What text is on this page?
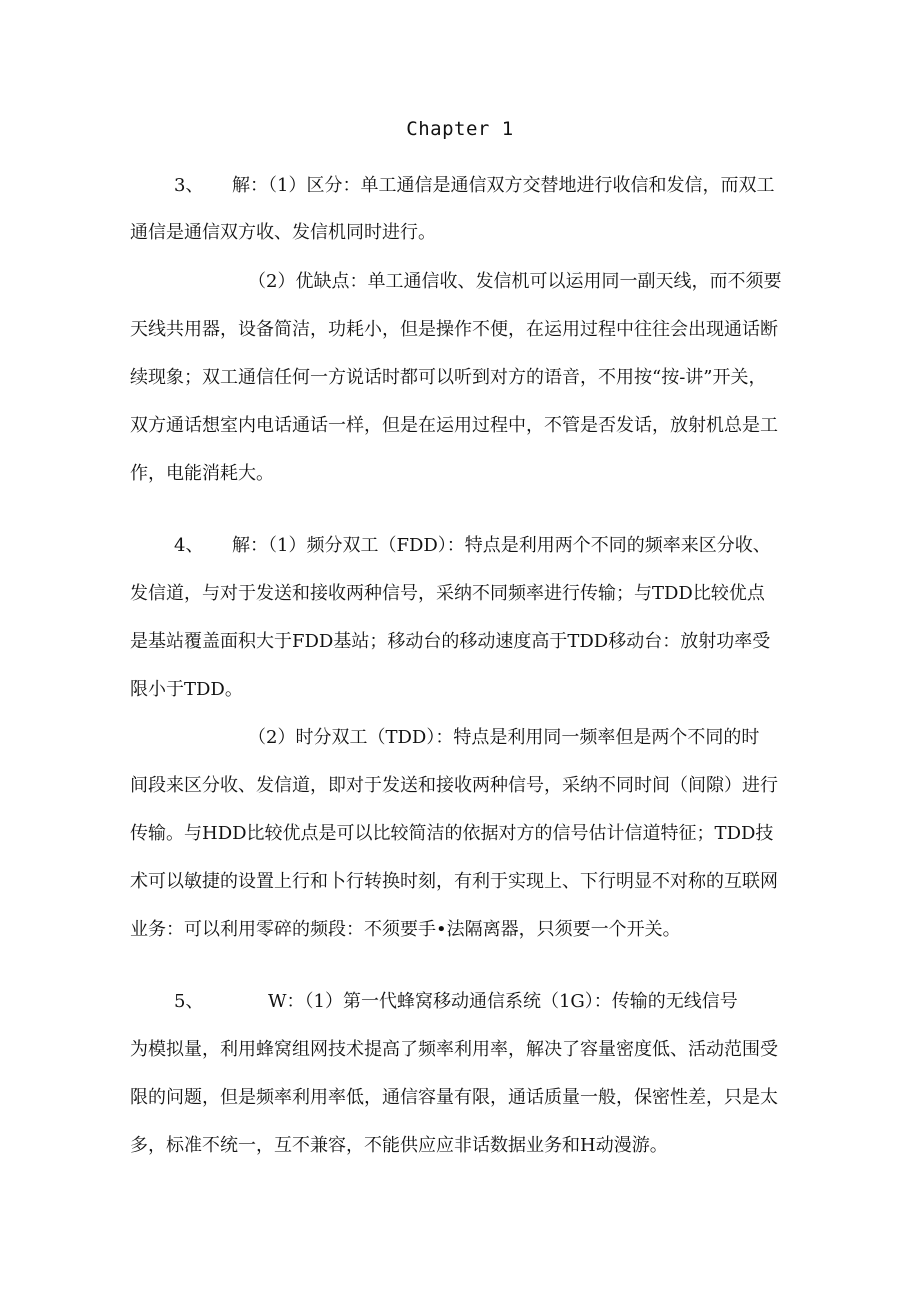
Chapter 1
3、 解：（1）区分：单工通信是通信双方交替地进行收信和发信，而双工
通信是通信双方收、发信机同时进行。
（2）优缺点：单工通信收、发信机可以运用同一副天线，而不须要
天线共用器，设备简洁，功耗小，但是操作不便，在运用过程中往往会出现通话断
续现象；双工通信任何一方说话时都可以听到对方的语音，不用按“按-讲”开关，
双方通话想室内电话通话一样，但是在运用过程中，不管是否发话，放射机总是工
作，电能消耗大。
4、 解：（1）频分双工（FDD）：特点是利用两个不同的频率来区分收、
发信道，与对于发送和接收两种信号，采纳不同频率进行传输；与TDD比较优点
是基站覆盖面积大于FDD基站；移动台的移动速度高于TDD移动台：放射功率受
限小于TDD。
（2）时分双工（TDD）：特点是利用同一频率但是两个不同的时
间段来区分收、发信道，即对于发送和接收两种信号，采纳不同时间（间隙）进行
传输。与HDD比较优点是可以比较简洁的依据对方的信号估计信道特征；TDD技
术可以敏捷的设置上行和卜行转换时刻，有利于实现上、下行明显不对称的互联网
业务：可以利用零碎的频段：不须要手•法隔离器，只须要一个开关。
5、	W：（1）第一代蜂窝移动通信系统（1G）：传输的无线信号
为模拟量，利用蜂窝组网技术提高了频率利用率，解决了容量密度低、活动范围受
限的问题，但是频率利用率低，通信容量有限，通话质量一般，保密性差，只是太
多，标准不统一，互不兼容，不能供应应非话数据业务和H动漫游。
